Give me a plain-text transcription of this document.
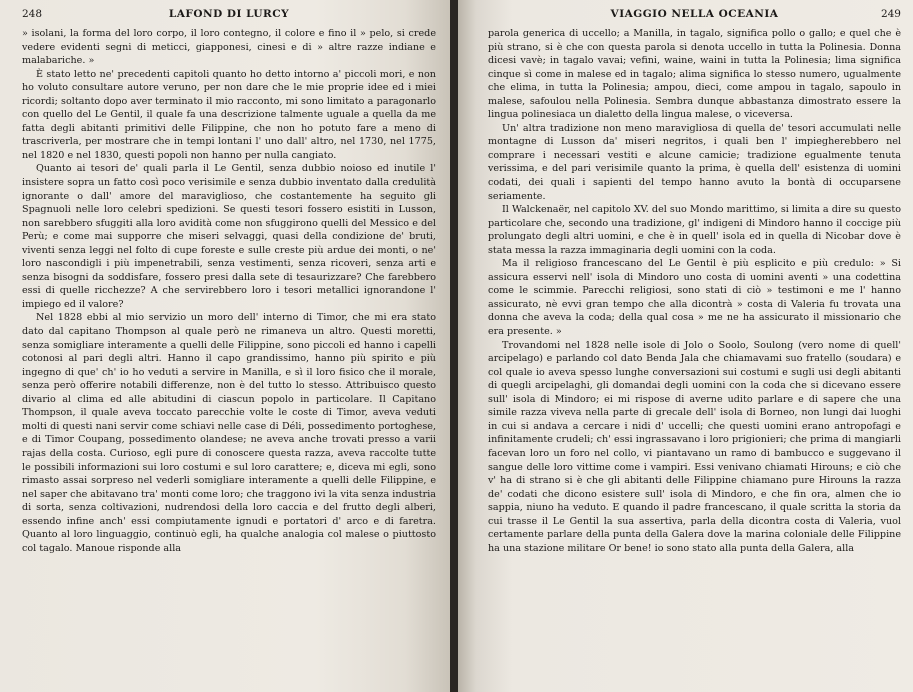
248	LAFOND DI LURCY

» isolani, la forma del loro corpo, il loro contegno, il colore e fino il » pelo, si crede vedere evidenti segni di meticci, giapponesi, cinesi e di » altre razze indiane e malabariche. »

È stato letto ne' precedenti capitoli quanto ho detto intorno a' piccoli mori, e non ho voluto consultare autore veruno, per non dare che le mie proprie idee ed i miei ricordi; soltanto dopo aver terminato il mio racconto, mi sono limitato a paragonarlo con quello del Le Gentil, il quale fa una descrizione talmente uguale a quella da me fatta degli abitanti primitivi delle Filippine, che non ho potuto fare a meno di trascriverla, per mostrare che in tempi lontani l' uno dall' altro, nel 1730, nel 1775, nel 1820 e nel 1830, questi popoli non hanno per nulla cangiato.

Quanto ai tesori de' quali parla il Le Gentil, senza dubbio noioso ed inutile l' insistere sopra un fatto così poco verisimile e senza dubbio inventato dalla credulità ignorante o dall' amore del maraviglioso, che costantemente ha seguito gli Spagnuoli nelle loro celebri spedizioni. Se questi tesori fossero esistiti in Lusson, non sarebbero sfuggiti alla loro avidità come non sfuggirono quelli del Messico e del Perù; e come mai supporre che miseri selvaggi, quasi della condizione de' bruti, viventi senza leggi nel folto di cupe foreste e sulle creste più ardue dei monti, o ne' loro nascondigli i più impenetrabili, senza vestimenti, senza ricoveri, senza arti e senza bisogni da soddisfare, fossero presi dalla sete di tesaurizzare? Che farebbero essi di quelle ricchezze? A che servirebbero loro i tesori metallici ignorandone l' impiego ed il valore?

Nel 1828 ebbi al mio servizio un moro dell' interno di Timor, che mi era stato dato dal capitano Thompson al quale però ne rimaneva un altro. Questi moretti, senza somigliare interamente a quelli delle Filippine, sono piccoli ed hanno i capelli cotonosi al pari degli altri. Hanno il capo grandissimo, hanno più spirito e più ingegno di que' ch' io ho veduti a servire in Manilla, e sì il loro fisico che il morale, senza però offerire notabili differenze, non è del tutto lo stesso. Attribuisco questo divario al clima ed alle abitudini di ciascun popolo in particolare. Il Capitano Thompson, il quale aveva toccato parecchie volte le coste di Timor, aveva veduti molti di questi nani servir come schiavi nelle case di Déli, possedimento portoghese, e di Timor Coupang, possedimento olandese; ne aveva anche trovati presso a varii rajas della costa. Curioso, egli pure di conoscere questa razza, aveva raccolte tutte le possibili informazioni sui loro costumi e sul loro carattere; e, diceva mi egli, sono rimasto assai sorpreso nel vederli somigliare interamente a quelli delle Filippine, e nel saper che abitavano tra' monti come loro; che traggono ivi la vita senza industria di sorta, senza coltivazioni, nudrendosi della loro caccia e del frutto degli alberi, essendo infine anch' essi compiutamente ignudi e portatori d' arco e di faretra. Quanto al loro linguaggio, continuò egli, ha qualche analogia col malese o piuttosto col tagalo. Manoue risponde alla

VIAGGIO NELLA OCEANIA	249

parola generica di uccello; a Manilla, in tagalo, significa pollo o gallo; e quel che è più strano, si è che con questa parola si denota uccello in tutta la Polinesia. Donna dicesi vavè; in tagalo vavai; vefini, waine, waini in tutta la Polinesia; lima significa cinque sì come in malese ed in tagalo; alima significa lo stesso numero, ugualmente che elima, in tutta la Polinesia; ampou, dieci, come ampou in tagalo, sapoulo in malese, safoulou nella Polinesia. Sembra dunque abbastanza dimostrato essere la lingua polinesiaca un dialetto della lingua malese, o viceversa.

Un' altra tradizione non meno maravigliosa di quella de' tesori accumulati nelle montagne di Lusson da' miseri negritos, i quali ben l' impiegherebbero nel comprare i necessari vestiti e alcune camicie; tradizione egualmente tenuta verissima, e del pari verisimile quanto la prima, è quella dell' esistenza di uomini codati, dei quali i sapienti del tempo hanno avuto la bontà di occuparsene seriamente.

Il Walckenaër, nel capitolo XV. del suo Mondo marittimo, si limita a dire su questo particolare che, secondo una tradizione, gl' indigeni di Mindoro hanno il coccige più prolungato degli altri uomini, e che è in quell' isola ed in quella di Nicobar dove è stata messa la razza immaginaria degli uomini con la coda.

Ma il religioso francescano del Le Gentil è più esplicito e più credulo: » Si assicura esservi nell' isola di Mindoro uno costa di uomini aventi » una codettina come le scimmie. Parecchi religiosi, sono stati di ciò » testimoni e me l' hanno assicurato, nè evvi gran tempo che alla dicontrà » costa di Valeria fu trovata una donna che aveva la coda; della qual cosa » me ne ha assicurato il missionario che era presente. »

Trovandomi nel 1828 nelle isole di Jolo o Soolo, Soulong (vero nome di quell' arcipelago) e parlando col dato Benda Jala che chiamavami suo fratello (soudara) e col quale io aveva spesso lunghe conversazioni sui costumi e sugli usi degli abitanti di quegli arcipelaghi, gli domandai degli uomini con la coda che si dicevano essere sull' isola di Mindoro; ei mi rispose di averne udito parlare e di sapere che una simile razza viveva nella parte di grecale dell' isola di Borneo, non lungi dai luoghi in cui si andava a cercare i nidi d' uccelli; che questi uomini erano antropofagi e infinitamente crudeli; ch' essi ingrassavano i loro prigionieri; che prima di mangiarli facevan loro un foro nel collo, vi piantavano un ramo di bambucco e suggevano il sangue delle loro vittime come i vampiri. Essi venivano chiamati Hirouns; e ciò che v' ha di strano si è che gli abitanti delle Filippine chiamano pure Hirouns la razza de' codati che dicono esistere sull' isola di Mindoro, e che fin ora, almen che io sappia, niuno ha veduto. E quando il padre francescano, il quale scritta la storia da cui trasse il Le Gentil la sua assertiva, parla della dicontra costa di Valeria, vuol certamente parlare della punta della Galera dove la marina coloniale delle Filippine ha una stazione militare Or bene! io sono stato alla punta della Galera, alla
